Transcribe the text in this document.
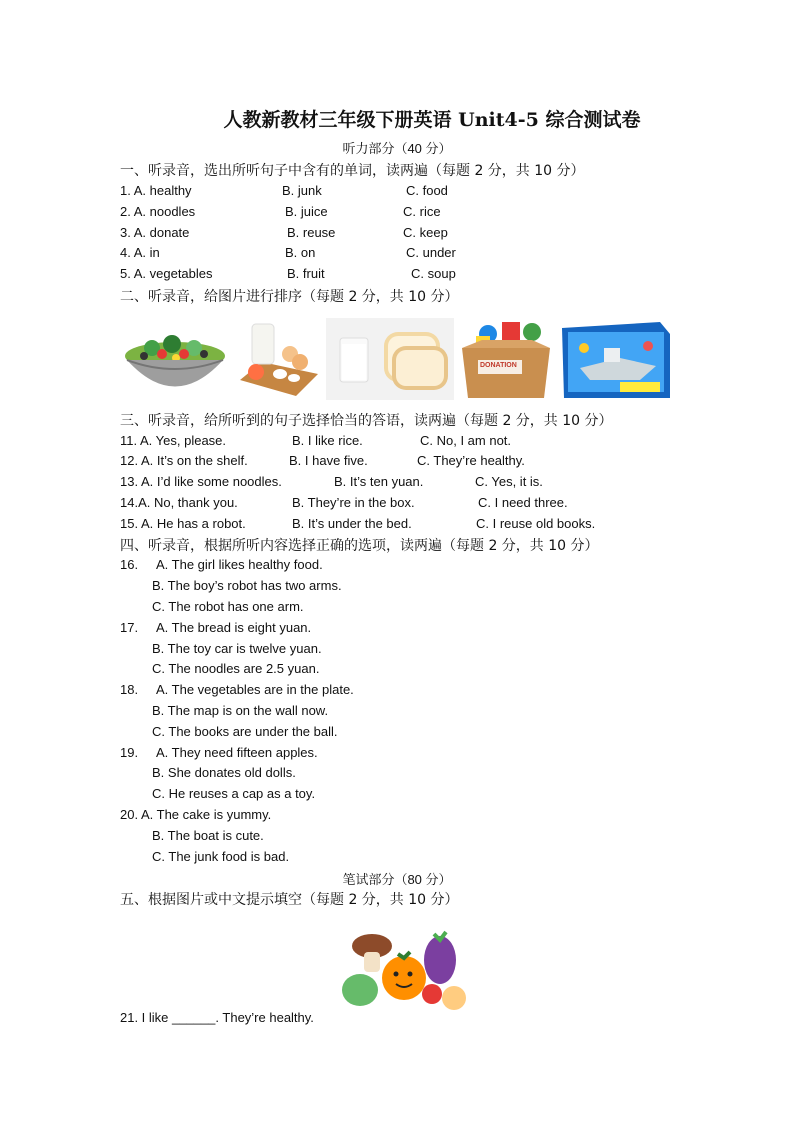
人教新教材三年级下册英语 Unit4-5 综合测试卷
听力部分（40 分）
一、听录音，选出所听句子中含有的单词，读两遍（每题 2 分，共 10 分）
1. A. healthy	B. junk	C. food
2. A. noodles	B. juice	C. rice
3. A. donate	B. reuse	C. keep
4. A. in	B. on	C. under
5. A. vegetables	B. fruit	C. soup
二、听录音，给图片进行排序（每题 2 分，共 10 分）
DONATION
三、听录音，给所听到的句子选择恰当的答语，读两遍（每题 2 分，共 10 分）
11. A. Yes, please.	B. I like rice.	C. No, I am not.
12. A. It’s on the shelf.	B. I have five.	C. They’re healthy.
13. A. I’d like some noodles.	B. It’s ten yuan.	C. Yes, it is.
14.A. No, thank you.	B. They’re in the box.	C. I need three.
15. A. He has a robot.	B. It’s under the bed.	C. I reuse old books.
四、听录音，根据所听内容选择正确的选项，读两遍（每题 2 分，共 10 分）
16. A. The girl likes healthy food.
B. The boy’s robot has two arms.
C. The robot has one arm.
17. A. The bread is eight yuan.
B. The toy car is twelve yuan.
C. The noodles are 2.5 yuan.
18. A. The vegetables are in the plate.
B. The map is on the wall now.
C. The books are under the ball.
19. A. They need fifteen apples.
B. She donates old dolls.
C. He reuses a cap as a toy.
20. A. The cake is yummy.
B. The boat is cute.
C. The junk food is bad.
笔试部分（80 分）
五、根据图片或中文提示填空（每题 2 分，共 10 分）
21. I like ______. They’re healthy.
